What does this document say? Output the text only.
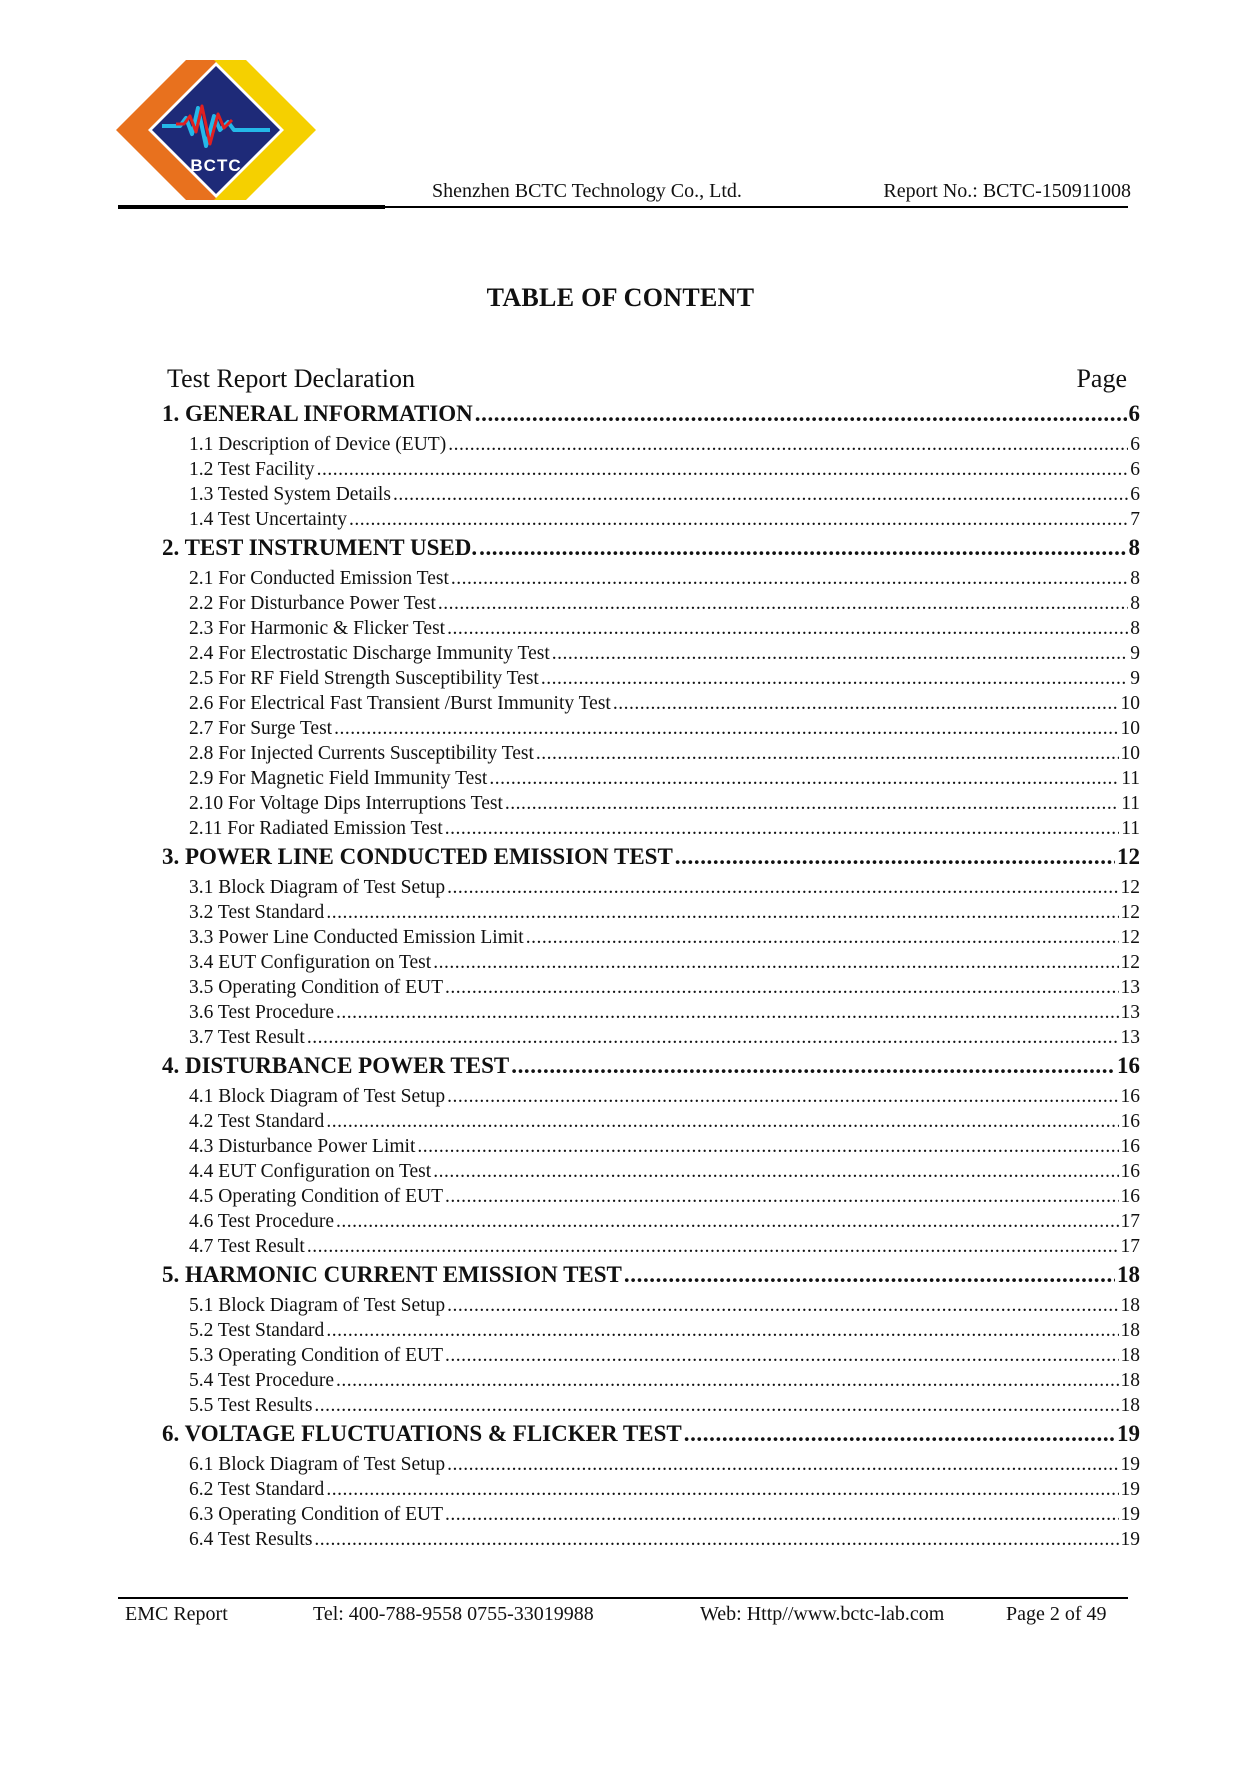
BCTC
Shenzhen BCTC Technology Co., Ltd.	Report No.: BCTC-150911008
TABLE OF CONTENT
Test Report Declaration	Page
1. GENERAL INFORMATION .....	6
1.1 Description of Device (EUT) .....	6
1.2 Test Facility .....	6
1.3 Tested System Details .....	6
1.4 Test Uncertainty .....	7
2. TEST INSTRUMENT USED. .....	8
2.1 For Conducted Emission Test .....	8
2.2 For Disturbance Power Test .....	8
2.3 For Harmonic & Flicker Test .....	8
2.4 For Electrostatic Discharge Immunity Test .....	9
2.5 For RF Field Strength Susceptibility Test .....	9
2.6 For Electrical Fast Transient /Burst Immunity Test .....	10
2.7 For Surge Test .....	10
2.8 For Injected Currents Susceptibility Test .....	10
2.9 For Magnetic Field Immunity Test .....	11
2.10 For Voltage Dips Interruptions Test .....	11
2.11 For Radiated Emission Test .....	11
3. POWER LINE CONDUCTED EMISSION TEST .....	12
3.1 Block Diagram of Test Setup .....	12
3.2 Test Standard .....	12
3.3 Power Line Conducted Emission Limit .....	12
3.4 EUT Configuration on Test .....	12
3.5 Operating Condition of EUT .....	13
3.6 Test Procedure .....	13
3.7 Test Result .....	13
4. DISTURBANCE POWER TEST .....	16
4.1 Block Diagram of Test Setup .....	16
4.2 Test Standard .....	16
4.3 Disturbance Power Limit .....	16
4.4 EUT Configuration on Test .....	16
4.5 Operating Condition of EUT .....	16
4.6 Test Procedure .....	17
4.7 Test Result .....	17
5. HARMONIC CURRENT EMISSION TEST .....	18
5.1 Block Diagram of Test Setup .....	18
5.2 Test Standard .....	18
5.3 Operating Condition of EUT .....	18
5.4 Test Procedure .....	18
5.5 Test Results .....	18
6. VOLTAGE FLUCTUATIONS & FLICKER TEST .....	19
6.1 Block Diagram of Test Setup .....	19
6.2 Test Standard .....	19
6.3 Operating Condition of EUT .....	19
6.4 Test Results .....	19
EMC Report	Tel: 400-788-9558 0755-33019988	Web: Http//www.bctc-lab.com	Page 2 of 49
